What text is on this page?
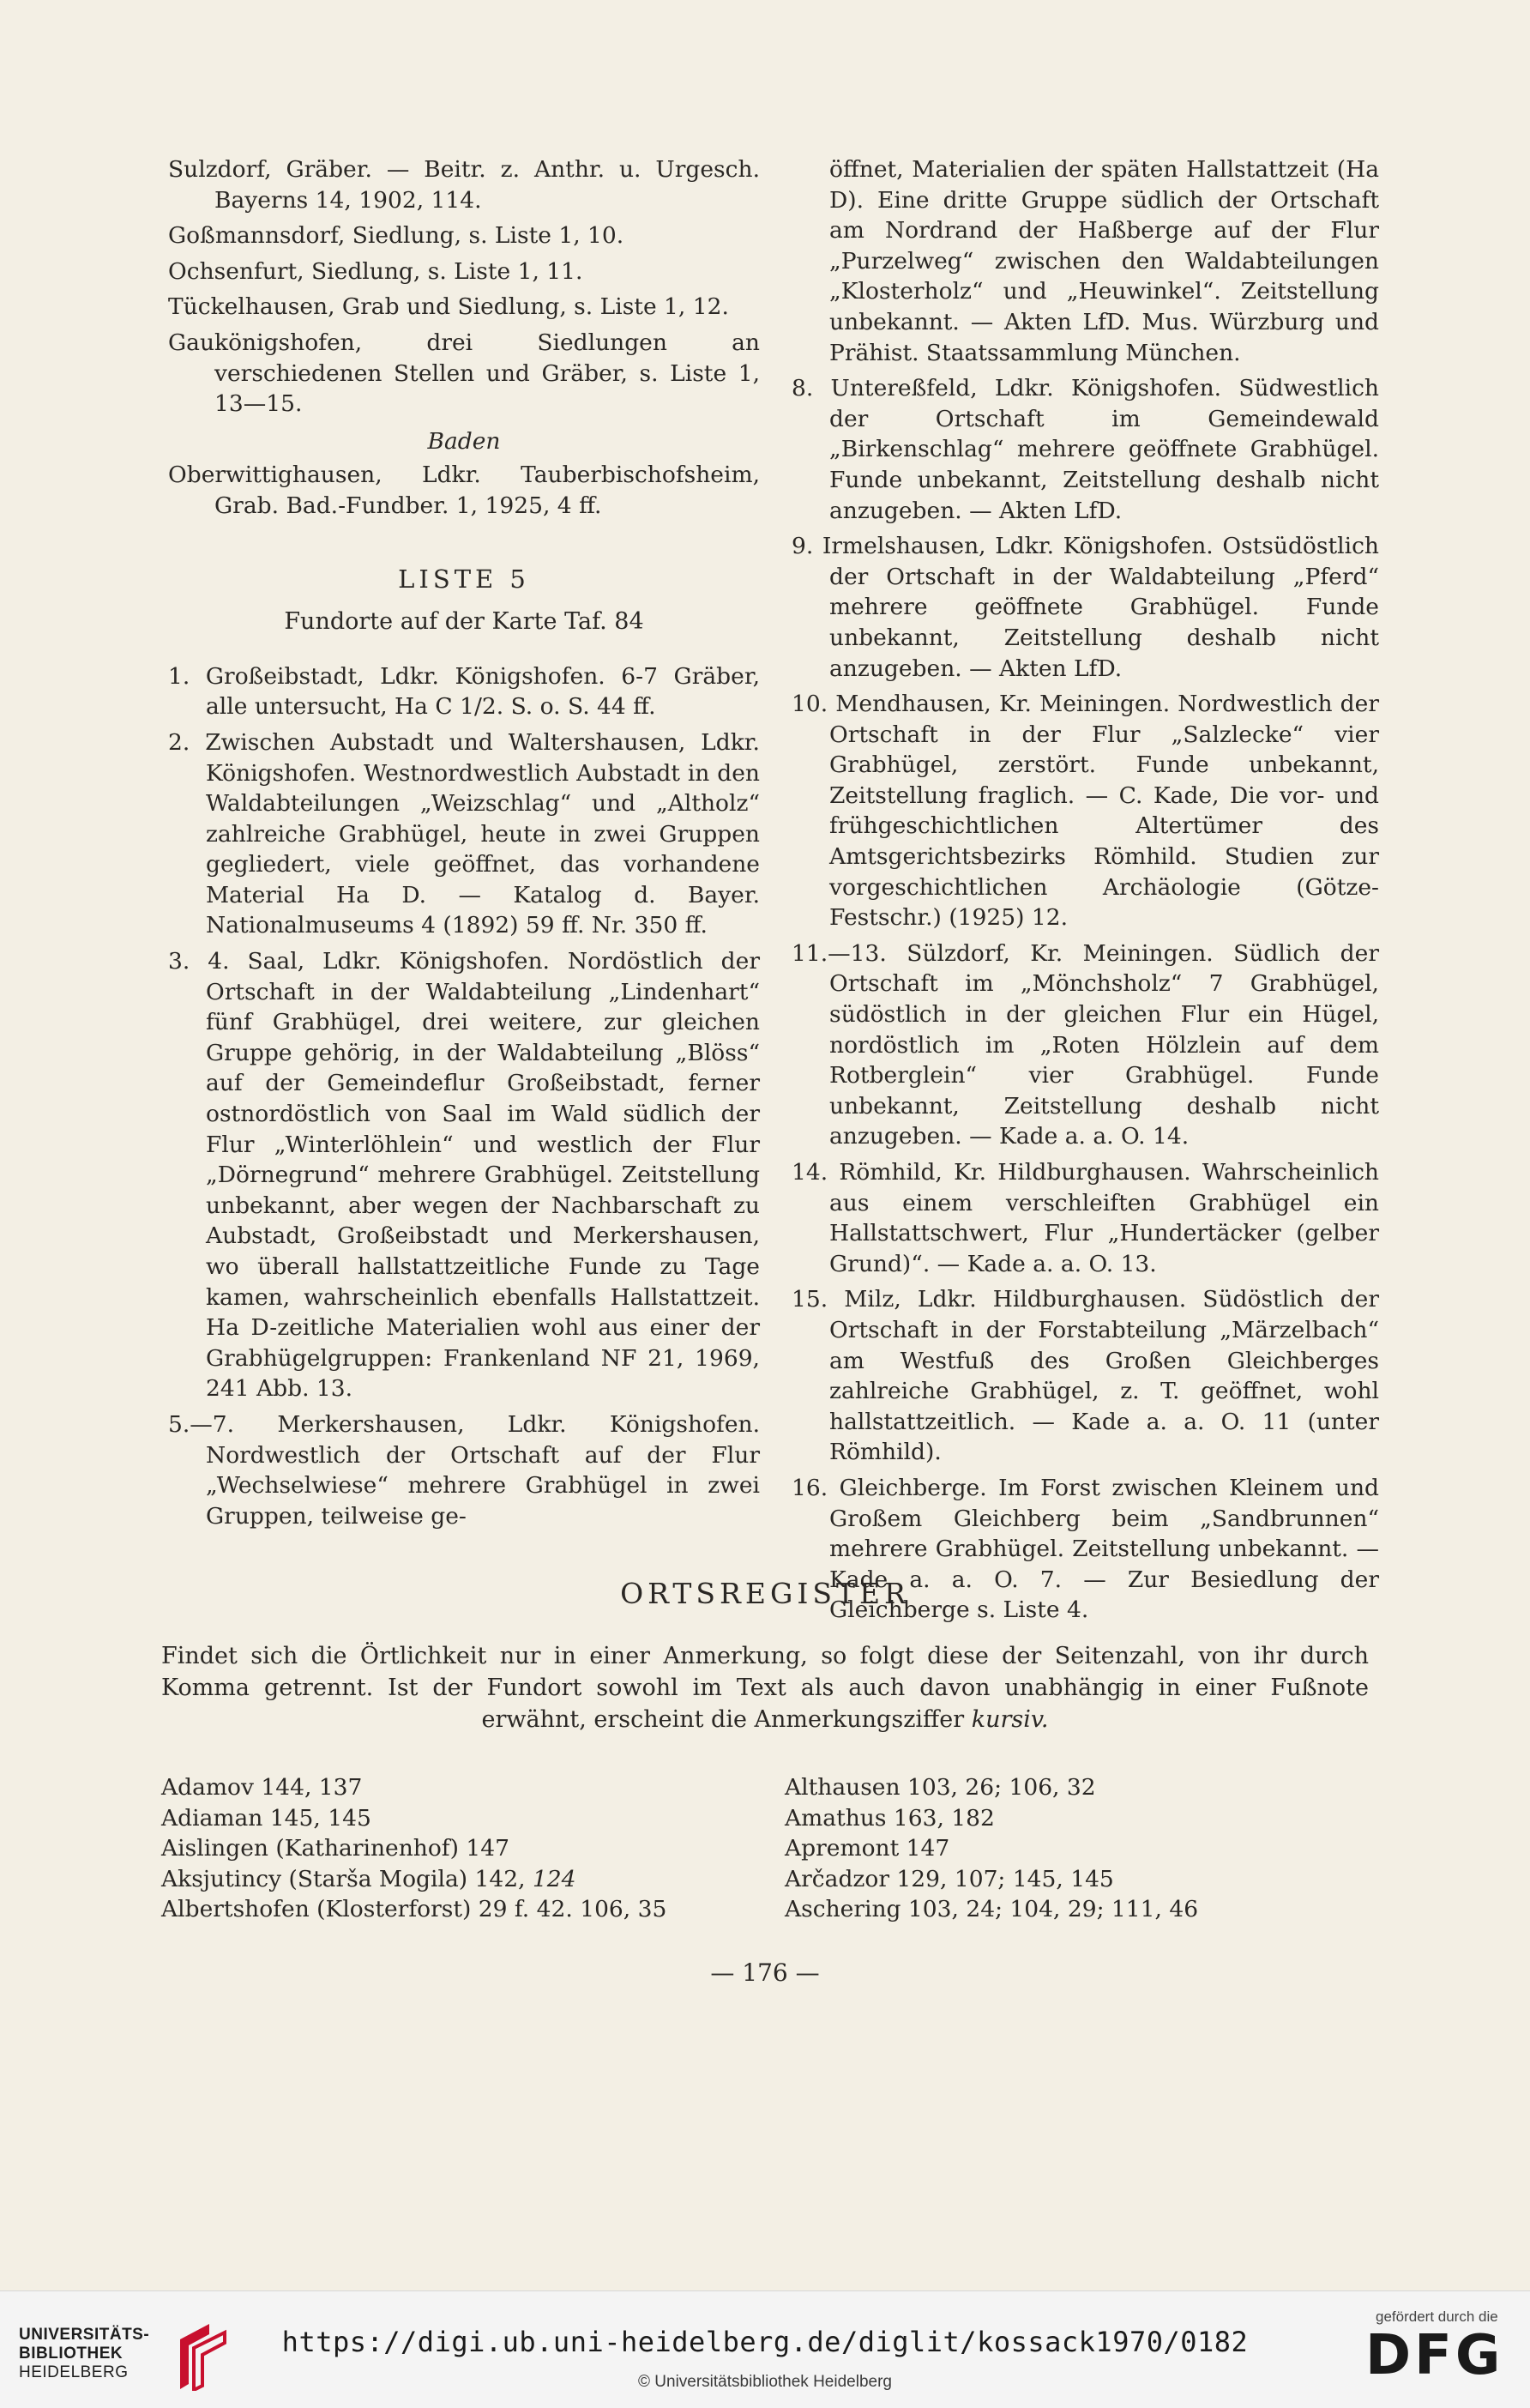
Sulzdorf, Gräber. — Beitr. z. Anthr. u. Urgesch. Bayerns 14, 1902, 114.
Goßmannsdorf, Siedlung, s. Liste 1, 10.
Ochsenfurt, Siedlung, s. Liste 1, 11.
Tückelhausen, Grab und Siedlung, s. Liste 1, 12.
Gaukönigshofen, drei Siedlungen an verschiedenen Stellen und Gräber, s. Liste 1, 13—15.
Baden
Oberwittighausen, Ldkr. Tauberbischofsheim, Grab. Bad.-Fundber. 1, 1925, 4 ff.
LISTE 5
Fundorte auf der Karte Taf. 84
1. Großeibstadt, Ldkr. Königshofen. 6-7 Gräber, alle untersucht, Ha C 1/2. S. o. S. 44 ff.
2. Zwischen Aubstadt und Waltershausen, Ldkr. Königshofen. Westnordwestlich Aubstadt in den Waldabteilungen „Weizschlag“ und „Altholz“ zahlreiche Grabhügel, heute in zwei Gruppen gegliedert, viele geöffnet, das vorhandene Material Ha D. — Katalog d. Bayer. Nationalmuseums 4 (1892) 59 ff. Nr. 350 ff.
3. 4. Saal, Ldkr. Königshofen. Nordöstlich der Ortschaft in der Waldabteilung „Lindenhart“ fünf Grabhügel, drei weitere, zur gleichen Gruppe gehörig, in der Waldabteilung „Blöss“ auf der Gemeindeflur Großeibstadt, ferner ostnordöstlich von Saal im Wald südlich der Flur „Winterlöhlein“ und westlich der Flur „Dörnegrund“ mehrere Grabhügel. Zeitstellung unbekannt, aber wegen der Nachbarschaft zu Aubstadt, Großeibstadt und Merkershausen, wo überall hallstattzeitliche Funde zu Tage kamen, wahrscheinlich ebenfalls Hallstattzeit. Ha D-zeitliche Materialien wohl aus einer der Grabhügelgruppen: Frankenland NF 21, 1969, 241 Abb. 13.
5.—7. Merkershausen, Ldkr. Königshofen. Nordwestlich der Ortschaft auf der Flur „Wechselwiese“ mehrere Grabhügel in zwei Gruppen, teilweise ge-
öffnet, Materialien der späten Hallstattzeit (Ha D). Eine dritte Gruppe südlich der Ortschaft am Nordrand der Haßberge auf der Flur „Purzelweg“ zwischen den Waldabteilungen „Klosterholz“ und „Heuwinkel“. Zeitstellung unbekannt. — Akten LfD. Mus. Würzburg und Prähist. Staatssammlung München.
8. Untereßfeld, Ldkr. Königshofen. Südwestlich der Ortschaft im Gemeindewald „Birkenschlag“ mehrere geöffnete Grabhügel. Funde unbekannt, Zeitstellung deshalb nicht anzugeben. — Akten LfD.
9. Irmelshausen, Ldkr. Königshofen. Ostsüdöstlich der Ortschaft in der Waldabteilung „Pferd“ mehrere geöffnete Grabhügel. Funde unbekannt, Zeitstellung deshalb nicht anzugeben. — Akten LfD.
10. Mendhausen, Kr. Meiningen. Nordwestlich der Ortschaft in der Flur „Salzlecke“ vier Grabhügel, zerstört. Funde unbekannt, Zeitstellung fraglich. — C. Kade, Die vor- und frühgeschichtlichen Altertümer des Amtsgerichtsbezirks Römhild. Studien zur vorgeschichtlichen Archäologie (Götze-Festschr.) (1925) 12.
11.—13. Sülzdorf, Kr. Meiningen. Südlich der Ortschaft im „Mönchsholz“ 7 Grabhügel, südöstlich in der gleichen Flur ein Hügel, nordöstlich im „Roten Hölzlein auf dem Rotberglein“ vier Grabhügel. Funde unbekannt, Zeitstellung deshalb nicht anzugeben. — Kade a. a. O. 14.
14. Römhild, Kr. Hildburghausen. Wahrscheinlich aus einem verschleiften Grabhügel ein Hallstattschwert, Flur „Hundertäcker (gelber Grund)“. — Kade a. a. O. 13.
15. Milz, Ldkr. Hildburghausen. Südöstlich der Ortschaft in der Forstabteilung „Märzelbach“ am Westfuß des Großen Gleichberges zahlreiche Grabhügel, z. T. geöffnet, wohl hallstattzeitlich. — Kade a. a. O. 11 (unter Römhild).
16. Gleichberge. Im Forst zwischen Kleinem und Großem Gleichberg beim „Sandbrunnen“ mehrere Grabhügel. Zeitstellung unbekannt. — Kade a. a. O. 7. — Zur Besiedlung der Gleichberge s. Liste 4.
ORTSREGISTER
Findet sich die Örtlichkeit nur in einer Anmerkung, so folgt diese der Seitenzahl, von ihr durch Komma getrennt. Ist der Fundort sowohl im Text als auch davon unabhängig in einer Fußnote erwähnt, erscheint die Anmerkungsziffer kursiv.
Adamov 144, 137
Adiaman 145, 145
Aislingen (Katharinenhof) 147
Aksjutincy (Starša Mogila) 142, 124
Albertshofen (Klosterforst) 29 f. 42. 106, 35
Althausen 103, 26; 106, 32
Amathus 163, 182
Apremont 147
Arčadzor 129, 107; 145, 145
Aschering 103, 24; 104, 29; 111, 46
— 176 —
UNIVERSITÄTS-
BIBLIOTHEK
HEIDELBERG
https://digi.ub.uni-heidelberg.de/diglit/kossack1970/0182
© Universitätsbibliothek Heidelberg
gefördert durch die
DFG
